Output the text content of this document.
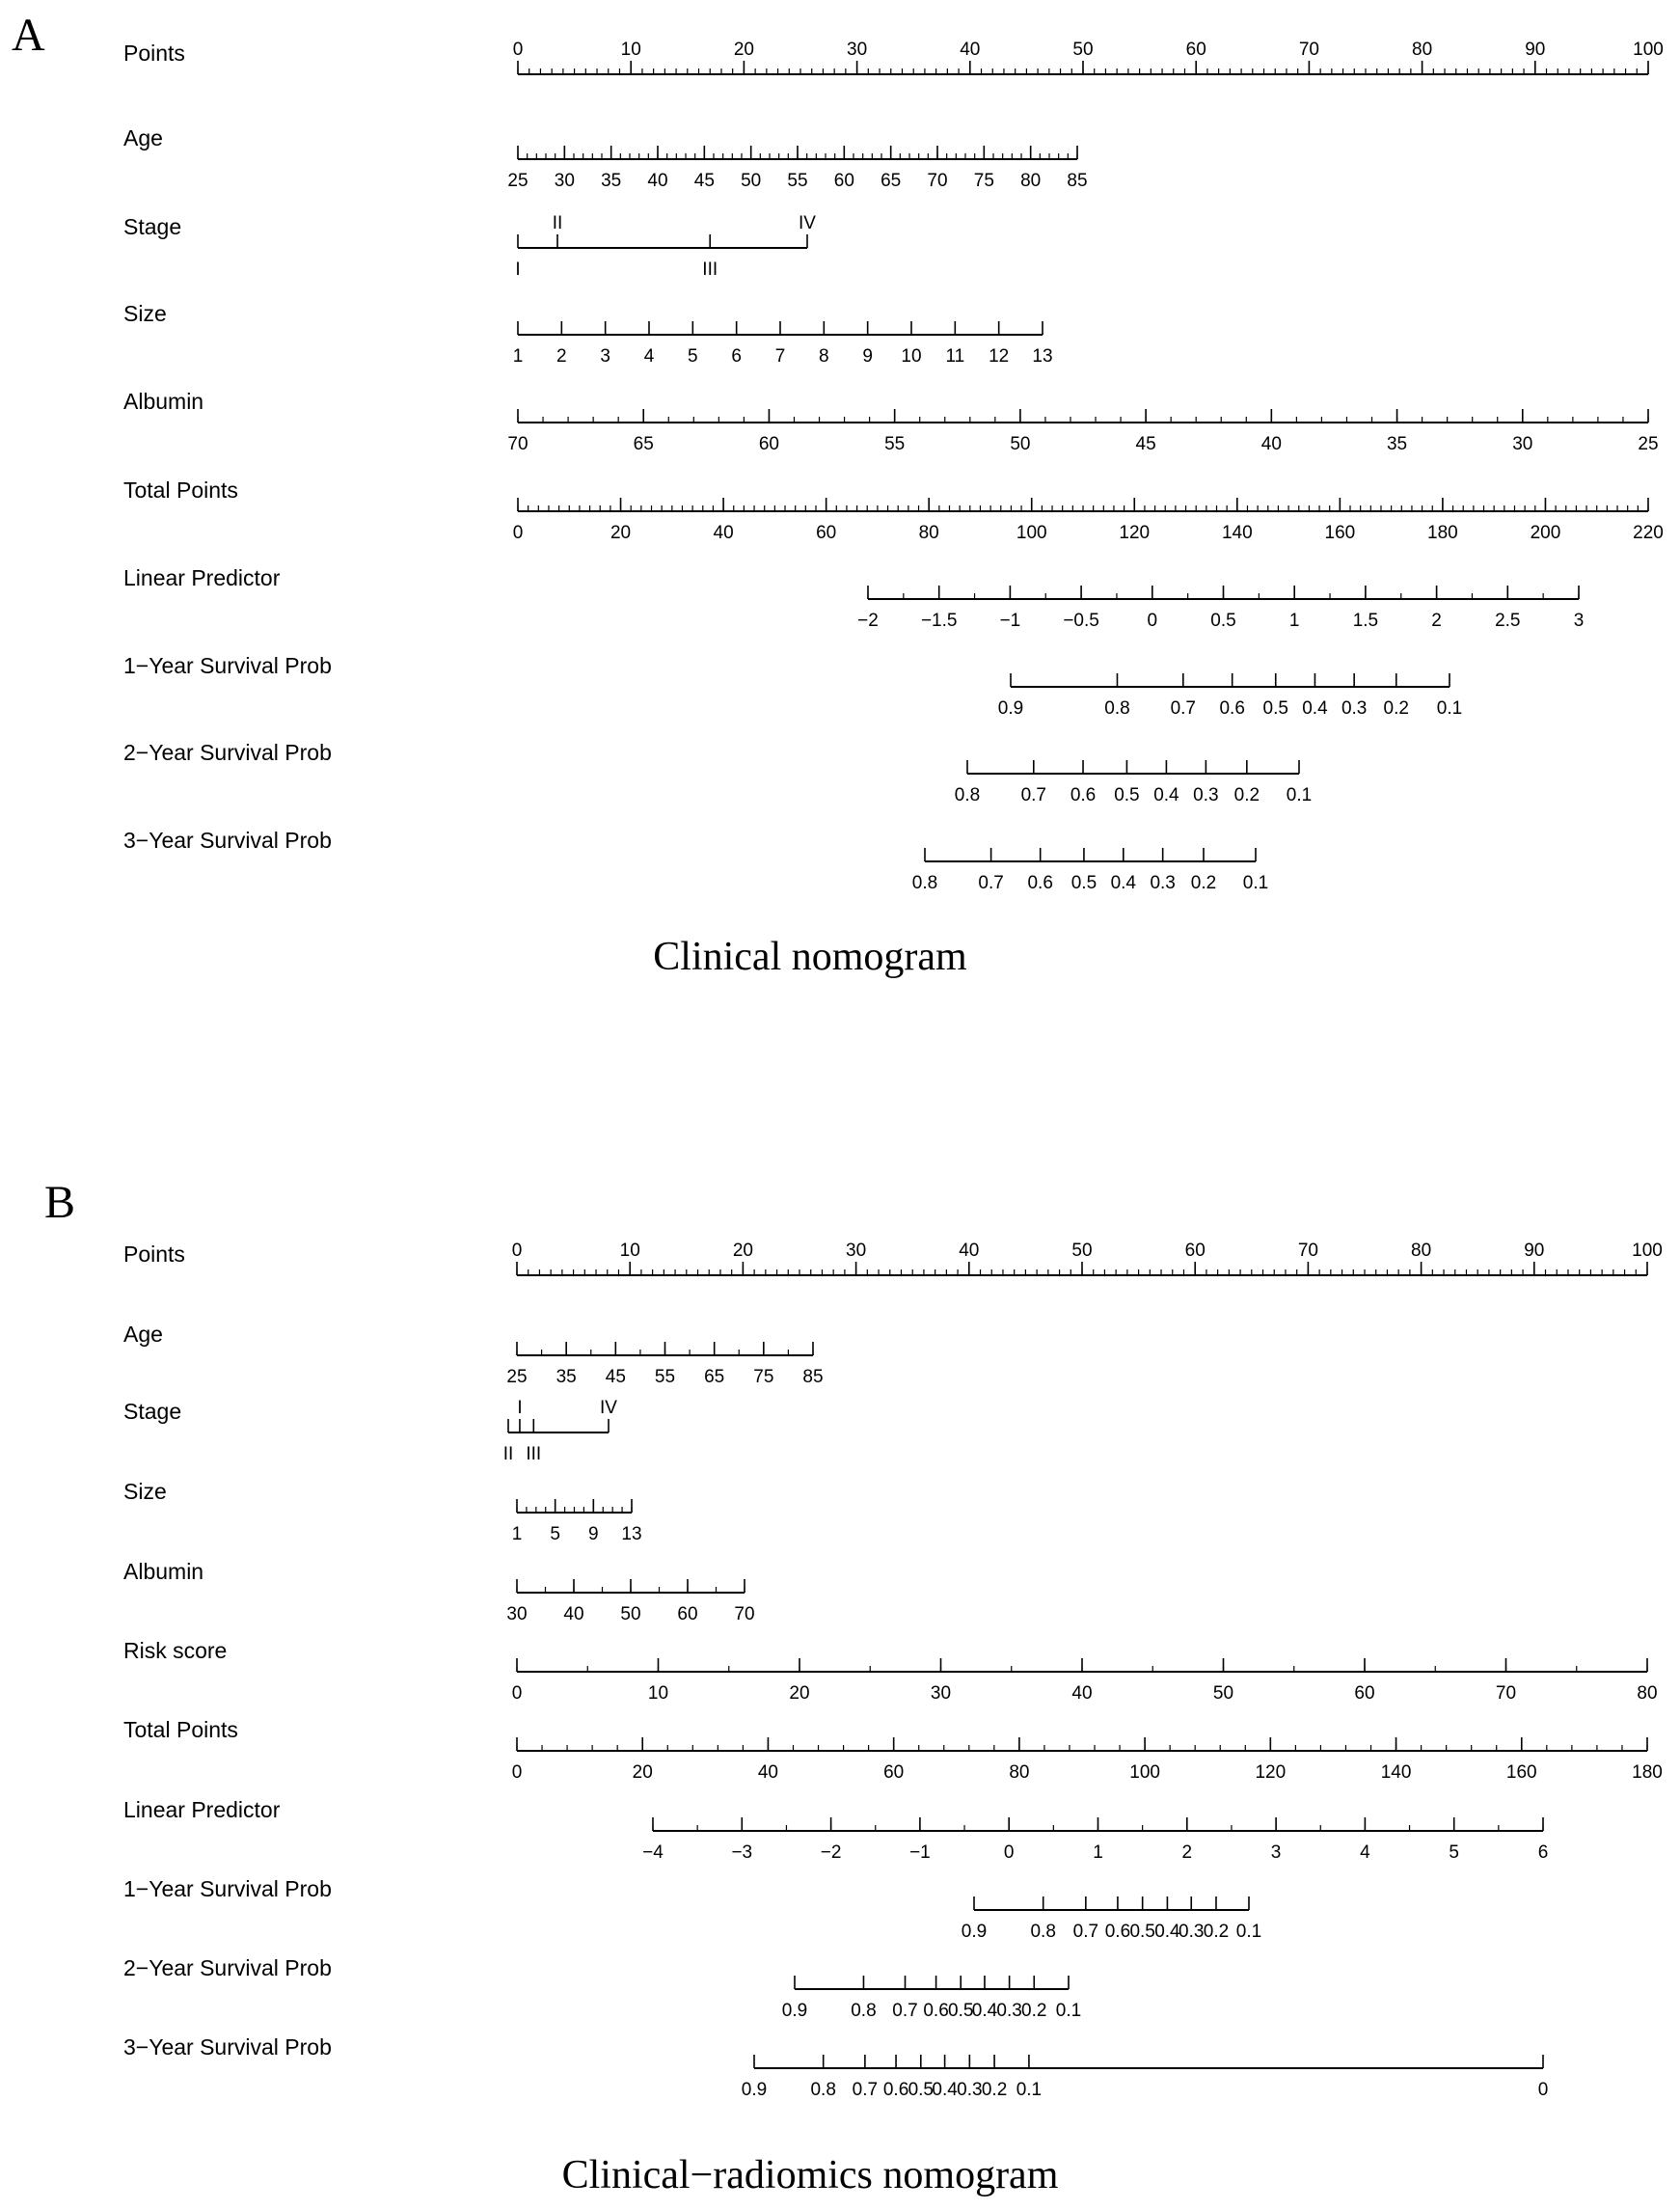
A
Clinical nomogram
Points	0	10	20	30	40	50	60	70	80	90	100
Age
25 30 35 40 45 50 55 60 65 70 75 80 85
Stage
I
II
III
IV
Size
1 2 3 4 5 6 7 8 9 10 11 12 13
Albumin
70	65	60	55	50	45	40	35	30	25
Total Points
0	20	40	60	80	100	120	140	160	180	200	220
Linear Predictor
−2 −1.5 −1 −0.5	0	0.5	1	1.5	2	2.5	3
1−Year Survival Prob
0.9	0.8 0.7 0.6 0.5 0.4 0.3 0.2 0.1
2−Year Survival Prob
0.8 0.7 0.6 0.5 0.4 0.3 0.2 0.1
3−Year Survival Prob
0.8 0.7 0.6 0.5 0.4 0.3 0.2 0.1
B
Clinical−radiomics nomogram
Points	0	10	20	30	40	50	60	70	80	90	100
Age
25 35 45 55 65 75 85
Stage	I
II III
IV
Size
1 5 9 13
Albumin
30 40 50 60 70
Risk score
0	10	20	30	40	50	60	70	80
Total Points
0	20	40	60	80	100	120	140	160	180
Linear Predictor
−4	−3	−2	−1	0	1	2	3	4	5	6
1−Year Survival Prob
0.9 0.8 0.7 0.6 0.5 0.4
0.3 0.2 0.1
2−Year Survival Prob
0.9 0.8 0.7 0.6 0.5
0.4 0.3 0.2 0.1
3−Year Survival Prob
0.9 0.8 0.7 0.6 0.5
0.4 0.3 0.2 0.1	0
